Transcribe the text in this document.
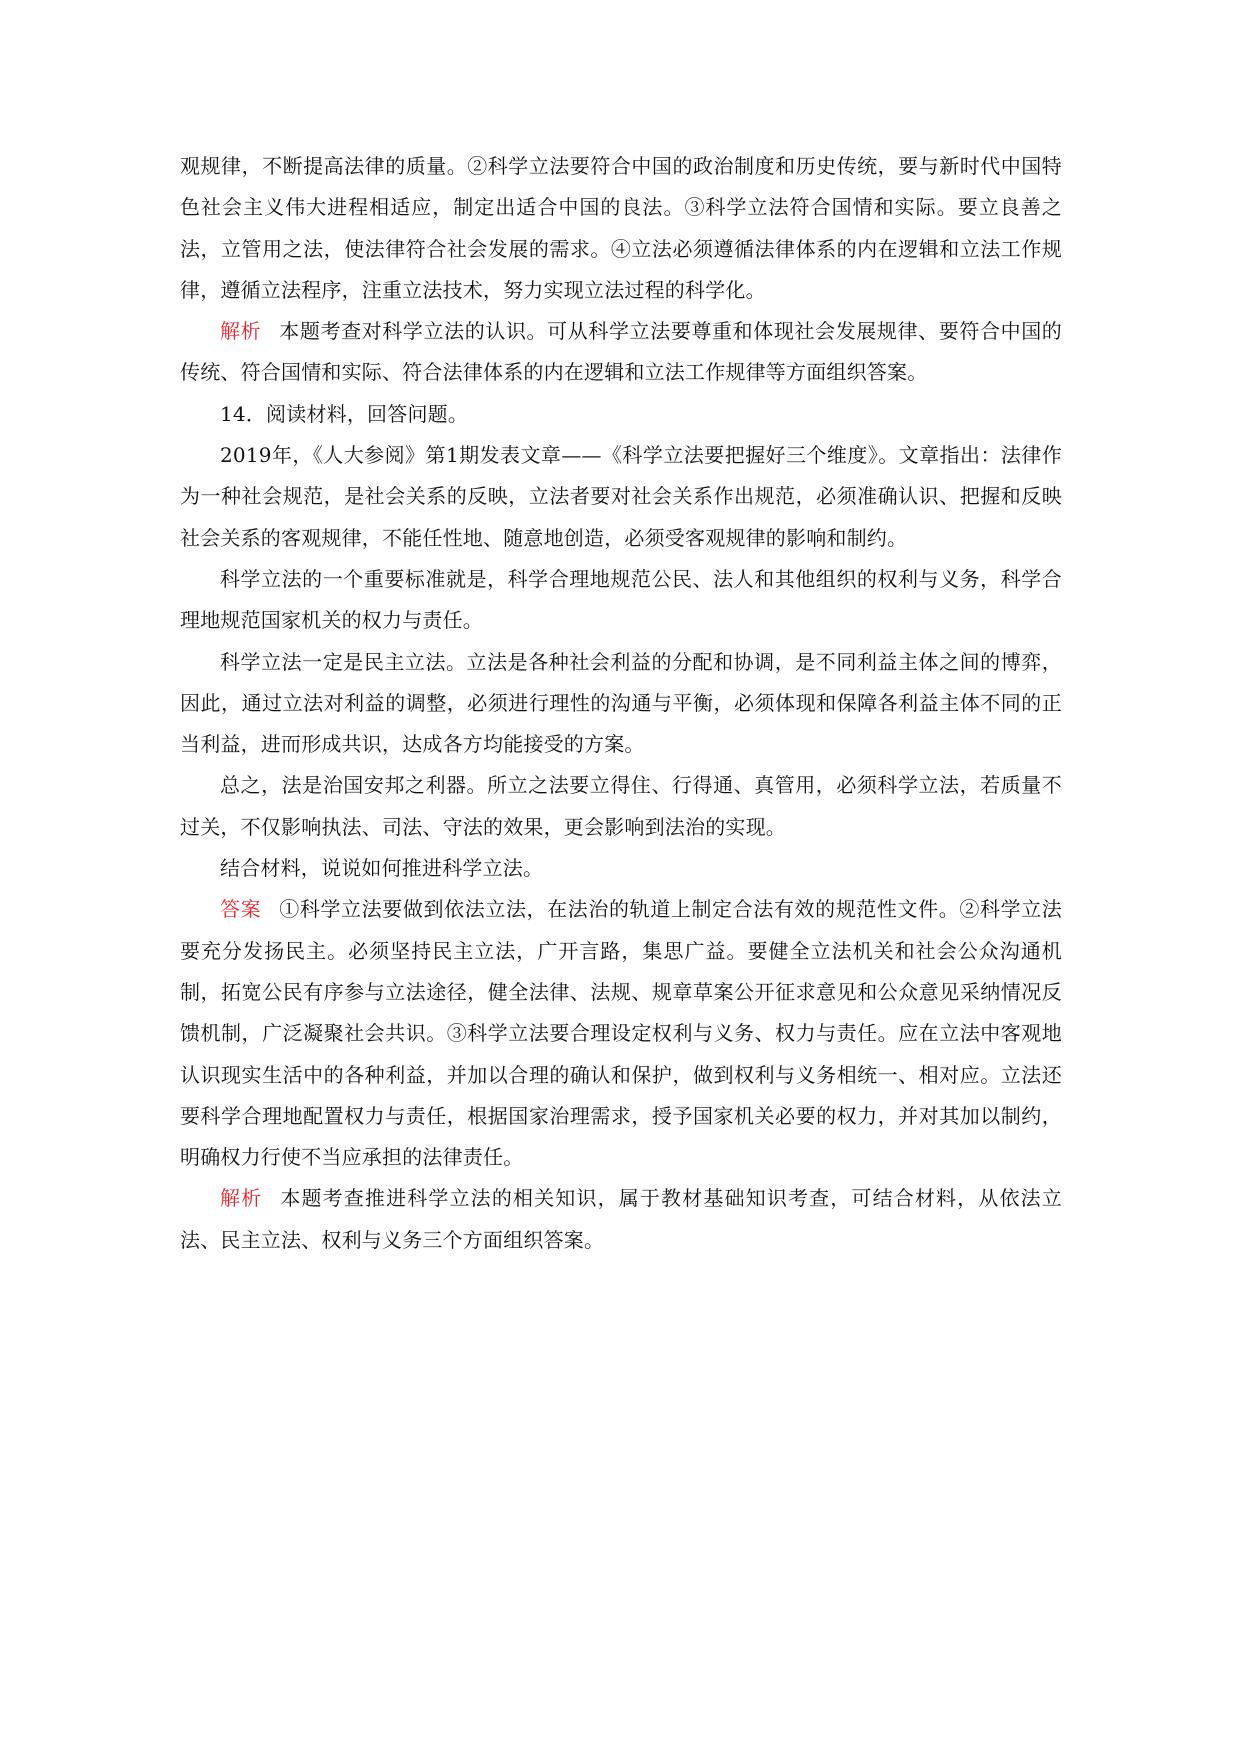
观规律，不断提高法律的质量。②科学立法要符合中国的政治制度和历史传统，要与新时代中国特色社会主义伟大进程相适应，制定出适合中国的良法。③科学立法符合国情和实际。要立良善之法，立管用之法，使法律符合社会发展的需求。④立法必须遵循法律体系的内在逻辑和立法工作规律，遵循立法程序，注重立法技术，努力实现立法过程的科学化。

解析 本题考查对科学立法的认识。可从科学立法要尊重和体现社会发展规律、要符合中国的传统、符合国情和实际、符合法律体系的内在逻辑和立法工作规律等方面组织答案。

14．阅读材料，回答问题。

2019年，《人大参阅》第1期发表文章——《科学立法要把握好三个维度》。文章指出：法律作为一种社会规范，是社会关系的反映，立法者要对社会关系作出规范，必须准确认识、把握和反映社会关系的客观规律，不能任性地、随意地创造，必须受客观规律的影响和制约。

科学立法的一个重要标准就是，科学合理地规范公民、法人和其他组织的权利与义务，科学合理地规范国家机关的权力与责任。

科学立法一定是民主立法。立法是各种社会利益的分配和协调，是不同利益主体之间的博弈，因此，通过立法对利益的调整，必须进行理性的沟通与平衡，必须体现和保障各利益主体不同的正当利益，进而形成共识，达成各方均能接受的方案。

总之，法是治国安邦之利器。所立之法要立得住、行得通、真管用，必须科学立法，若质量不过关，不仅影响执法、司法、守法的效果，更会影响到法治的实现。

结合材料，说说如何推进科学立法。

答案 ①科学立法要做到依法立法，在法治的轨道上制定合法有效的规范性文件。②科学立法要充分发扬民主。必须坚持民主立法，广开言路，集思广益。要健全立法机关和社会公众沟通机制，拓宽公民有序参与立法途径，健全法律、法规、规章草案公开征求意见和公众意见采纳情况反馈机制，广泛凝聚社会共识。③科学立法要合理设定权利与义务、权力与责任。应在立法中客观地认识现实生活中的各种利益，并加以合理的确认和保护，做到权利与义务相统一、相对应。立法还要科学合理地配置权力与责任，根据国家治理需求，授予国家机关必要的权力，并对其加以制约，明确权力行使不当应承担的法律责任。

解析 本题考查推进科学立法的相关知识，属于教材基础知识考查，可结合材料，从依法立法、民主立法、权利与义务三个方面组织答案。
